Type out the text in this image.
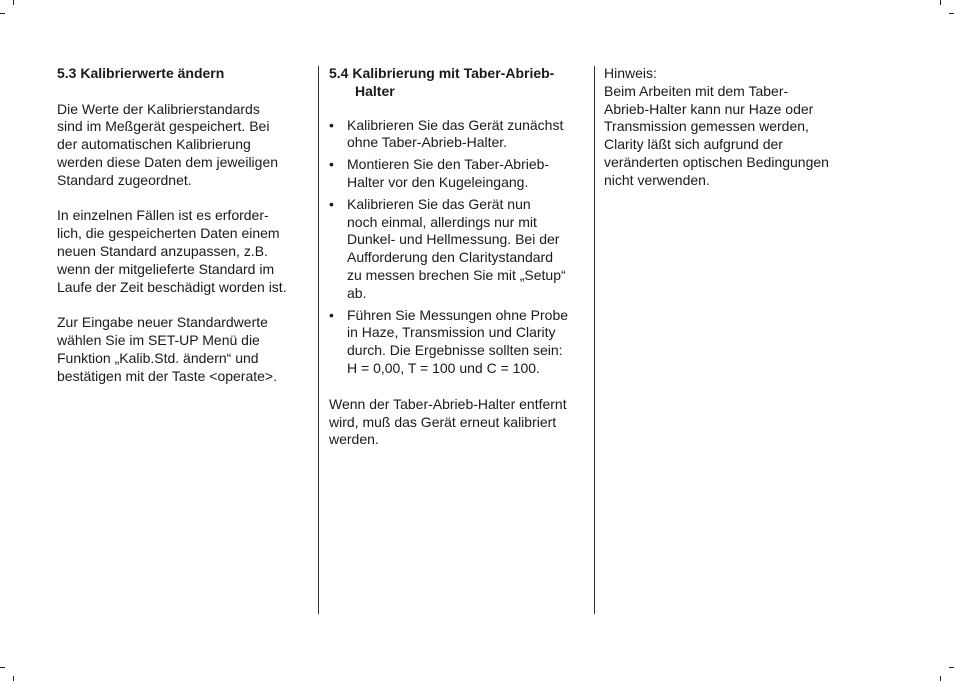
5.3 Kalibrierwerte ändern

Die Werte der Kalibrierstandards
sind im Meßgerät gespeichert. Bei
der automatischen Kalibrierung
werden diese Daten dem jeweiligen
Standard zugeordnet.

In einzelnen Fällen ist es erforder-
lich, die gespeicherten Daten einem
neuen Standard anzupassen, z.B.
wenn der mitgelieferte Standard im
Laufe der Zeit beschädigt worden ist.

Zur Eingabe neuer Standardwerte
wählen Sie im SET-UP Menü die
Funktion „Kalib.Std. ändern“ und
bestätigen mit der Taste <operate>.

5.4 Kalibrierung mit Taber-Abrieb-
Halter
• Kalibrieren Sie das Gerät zunächst
ohne Taber-Abrieb-Halter.
• Montieren Sie den Taber-Abrieb-
Halter vor den Kugeleingang.
• Kalibrieren Sie das Gerät nun
noch einmal, allerdings nur mit
Dunkel- und Hellmessung. Bei der
Aufforderung den Claritystandard
zu messen brechen Sie mit „Setup“
ab.
• Führen Sie Messungen ohne Probe
in Haze, Transmission und Clarity
durch. Die Ergebnisse sollten sein:
H = 0,00, T = 100 und C = 100.

Wenn der Taber-Abrieb-Halter entfernt
wird, muß das Gerät erneut kalibriert
werden.

Hinweis:

Beim Arbeiten mit dem Taber-
Abrieb-Halter kann nur Haze oder
Transmission gemessen werden,
Clarity läßt sich aufgrund der
veränderten optischen Bedingungen
nicht verwenden.
